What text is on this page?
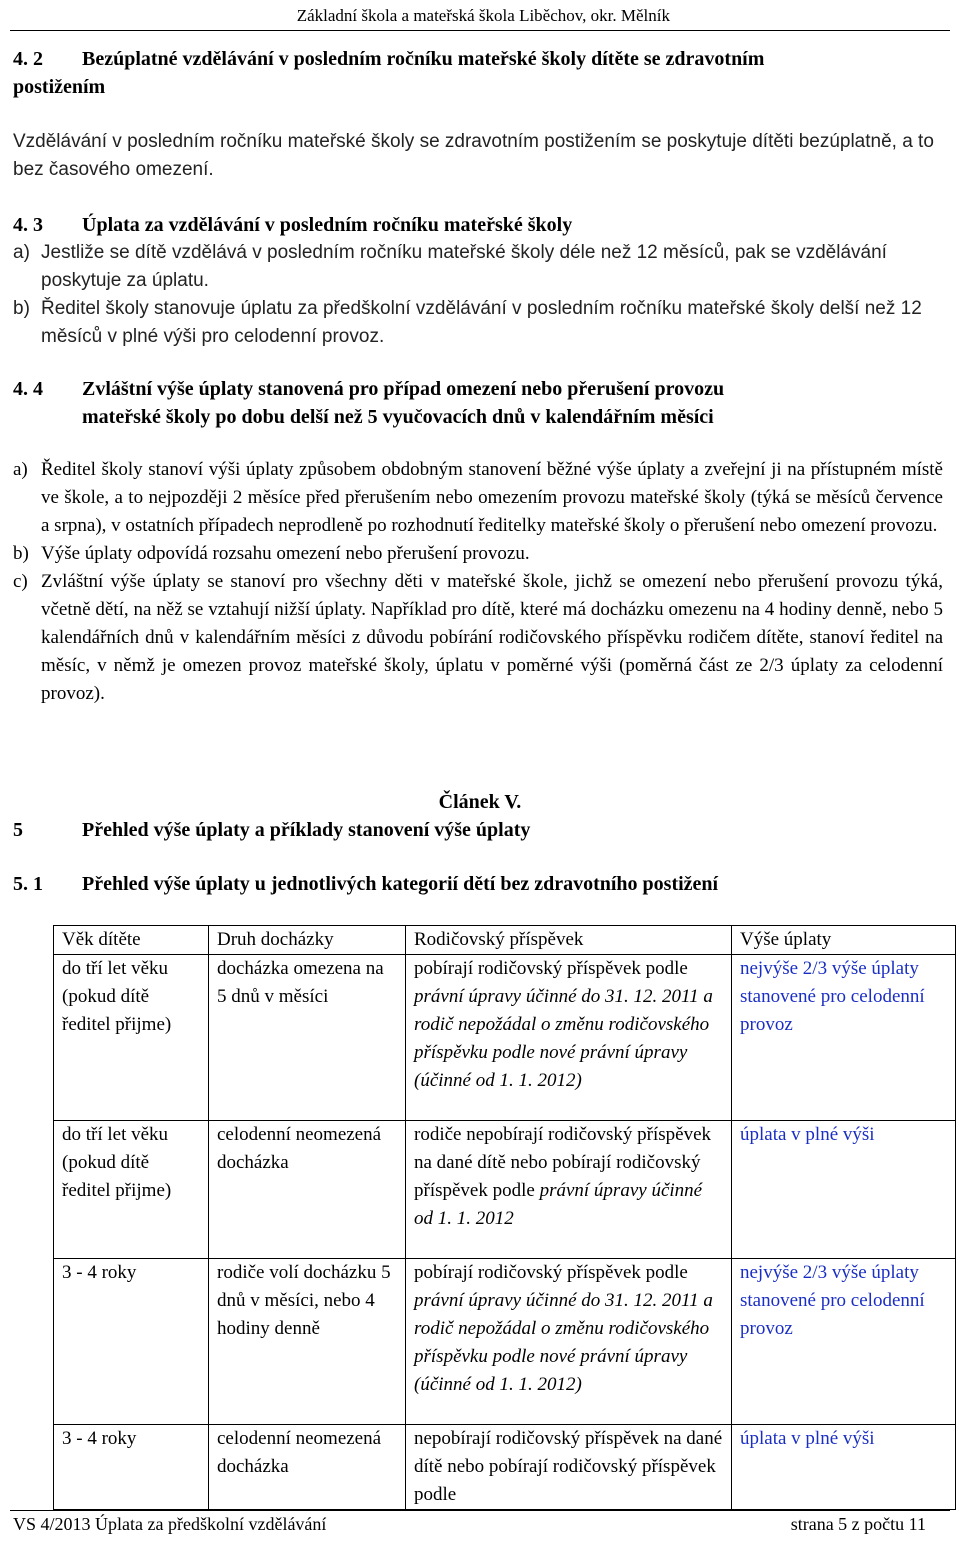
Základní škola a mateřská škola Liběchov, okr. Mělník
4. 2 Bezúplatné vzdělávání v posledním ročníku mateřské školy dítěte se zdravotním
postižením
Vzdělávání v posledním ročníku mateřské školy se zdravotním postižením se poskytuje dítěti bezúplatně, a to bez časového omezení.
4. 3 Úplata za vzdělávání v posledním ročníku mateřské školy
a) Jestliže se dítě vzdělává v posledním ročníku mateřské školy déle než 12 měsíců, pak se vzdělávání poskytuje za úplatu.
b) Ředitel školy stanovuje úplatu za předškolní vzdělávání v posledním ročníku mateřské školy delší než 12 měsíců v plné výši pro celodenní provoz.
4. 4 Zvláštní výše úplaty stanovená pro případ omezení nebo přerušení provozu
mateřské školy po dobu delší než 5 vyučovacích dnů v kalendářním měsíci
a) Ředitel školy stanoví výši úplaty způsobem obdobným stanovení běžné výše úplaty a zveřejní ji na přístupném místě ve škole, a to nejpozději 2 měsíce před přerušením nebo omezením provozu mateřské školy (týká se měsíců července a srpna), v ostatních případech neprodleně po rozhodnutí ředitelky mateřské školy o přerušení nebo omezení provozu.
b) Výše úplaty odpovídá rozsahu omezení nebo přerušení provozu.
c) Zvláštní výše úplaty se stanoví pro všechny děti v mateřské škole, jichž se omezení nebo přerušení provozu týká, včetně dětí, na něž se vztahují nižší úplaty. Například pro dítě, které má docházku omezenu na 4 hodiny denně, nebo 5 kalendářních dnů v kalendářním měsíci z důvodu pobírání rodičovského příspěvku rodičem dítěte, stanoví ředitel na měsíc, v němž je omezen provoz mateřské školy, úplatu v poměrné výši (poměrná část ze 2/3 úplaty za celodenní provoz).
Článek V.
5	Přehled výše úplaty a příklady stanovení výše úplaty
5. 1 Přehled výše úplaty u jednotlivých kategorií dětí bez zdravotního postižení
Věk dítěte	Druh docházky	Rodičovský příspěvek	Výše úplaty
do tří let věku (pokud dítě ředitel přijme)	docházka omezena na 5 dnů v měsíci	pobírají rodičovský příspěvek podle právní úpravy účinné do 31. 12. 2011 a rodič nepožádal o změnu rodičovského příspěvku podle nové právní úpravy (účinné od 1. 1. 2012)	nejvýše 2/3 výše úplaty stanovené pro celodenní provoz
do tří let věku (pokud dítě ředitel přijme)	celodenní neomezená docházka	rodiče nepobírají rodičovský příspěvek na dané dítě nebo pobírají rodičovský příspěvek podle právní úpravy účinné od 1. 1. 2012	úplata v plné výši
3 - 4 roky	rodiče volí docházku 5 dnů v měsíci, nebo 4 hodiny denně	pobírají rodičovský příspěvek podle právní úpravy účinné do 31. 12. 2011 a rodič nepožádal o změnu rodičovského příspěvku podle nové právní úpravy (účinné od 1. 1. 2012)	nejvýše 2/3 výše úplaty stanovené pro celodenní provoz
3 - 4 roky	celodenní neomezená docházka	nepobírají rodičovský příspěvek na dané dítě nebo pobírají rodičovský příspěvek podle	úplata v plné výši
VS 4/2013 Úplata za předškolní vzdělávání	strana 5 z počtu 11
